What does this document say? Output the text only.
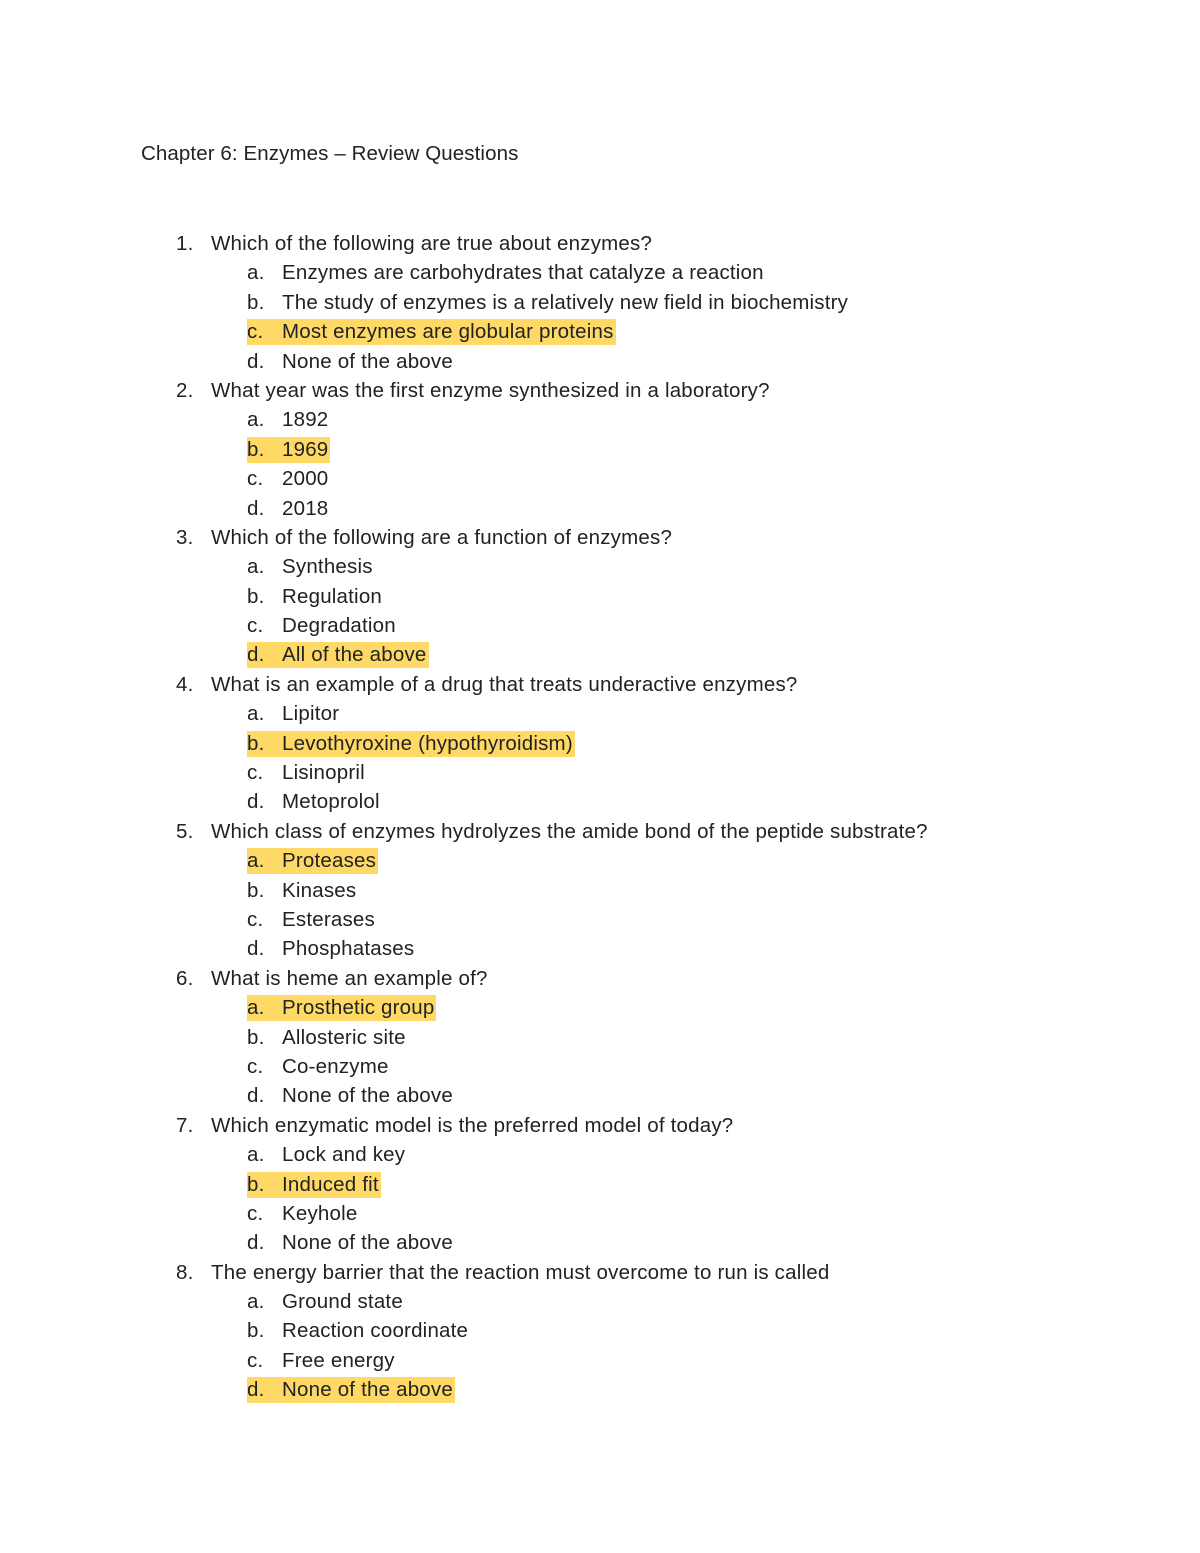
Chapter 6: Enzymes – Review Questions
1. Which of the following are true about enzymes?
a. Enzymes are carbohydrates that catalyze a reaction
b. The study of enzymes is a relatively new field in biochemistry
c. Most enzymes are globular proteins
d. None of the above
2. What year was the first enzyme synthesized in a laboratory?
a. 1892
b. 1969
c. 2000
d. 2018
3. Which of the following are a function of enzymes?
a. Synthesis
b. Regulation
c. Degradation
d. All of the above
4. What is an example of a drug that treats underactive enzymes?
a. Lipitor
b. Levothyroxine (hypothyroidism)
c. Lisinopril
d. Metoprolol
5. Which class of enzymes hydrolyzes the amide bond of the peptide substrate?
a. Proteases
b. Kinases
c. Esterases
d. Phosphatases
6. What is heme an example of?
a. Prosthetic group
b. Allosteric site
c. Co-enzyme
d. None of the above
7. Which enzymatic model is the preferred model of today?
a. Lock and key
b. Induced fit
c. Keyhole
d. None of the above
8. The energy barrier that the reaction must overcome to run is called
a. Ground state
b. Reaction coordinate
c. Free energy
d. None of the above
